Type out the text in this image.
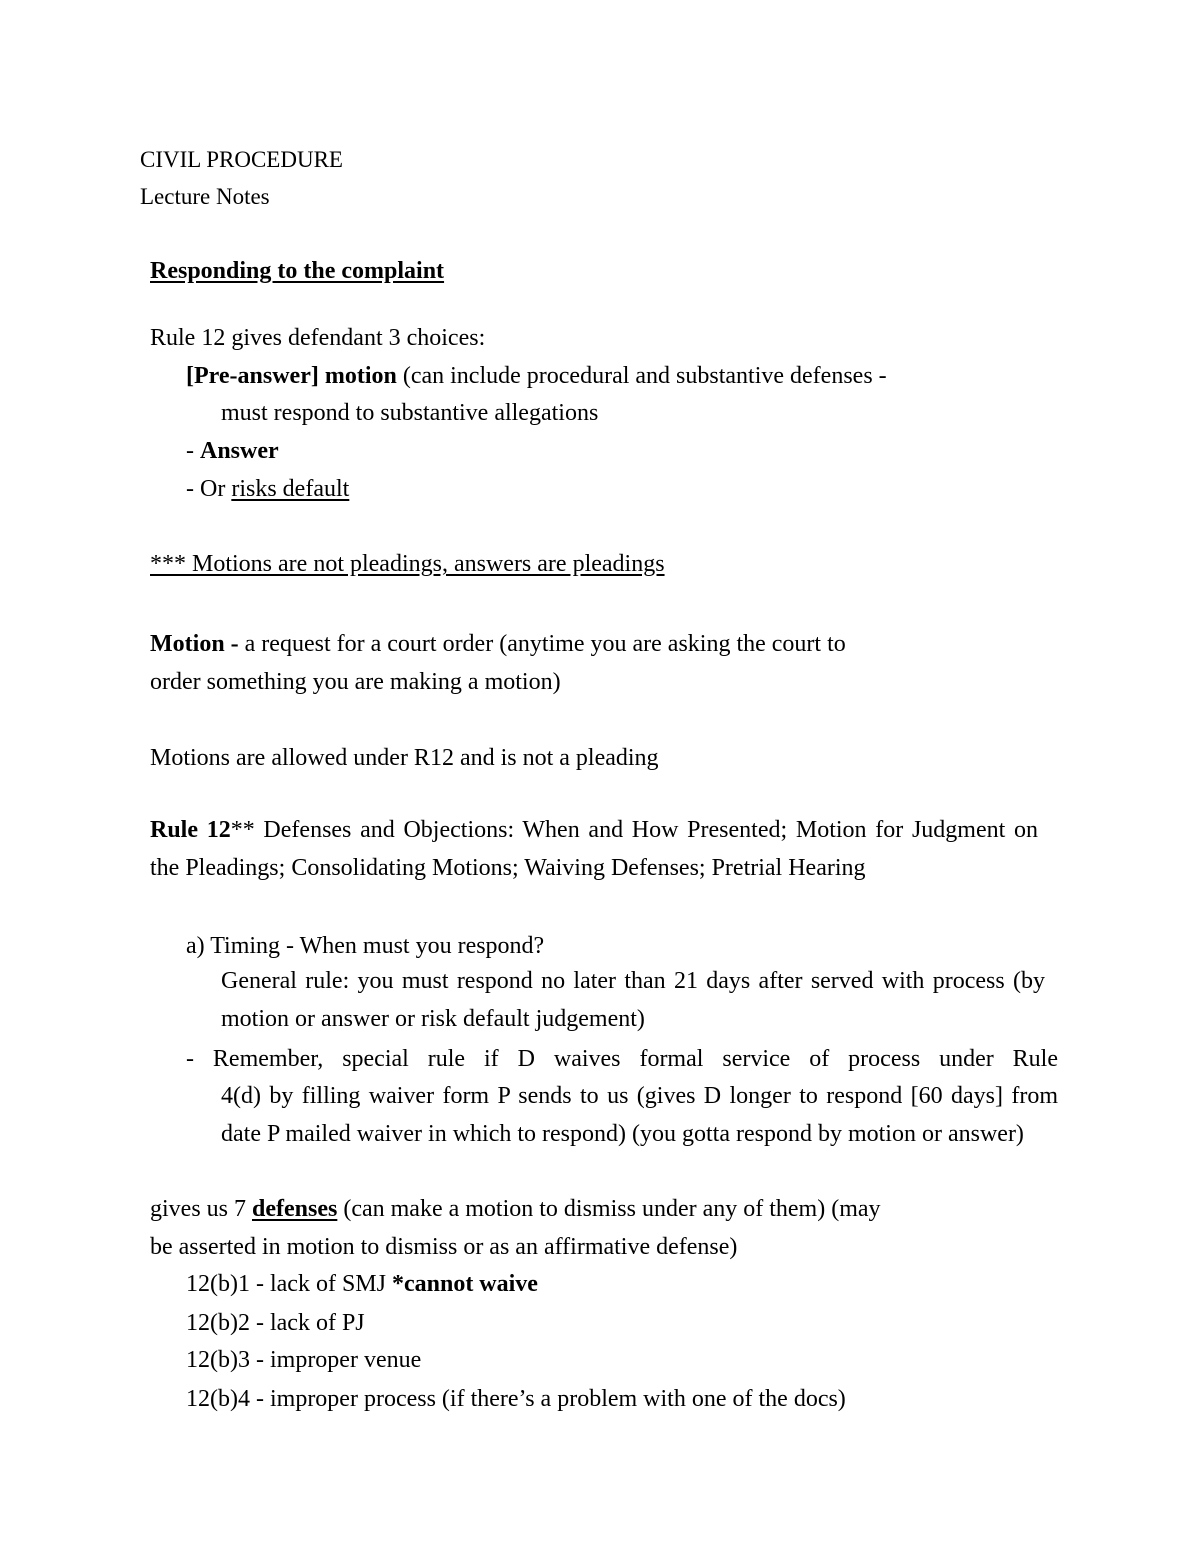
CIVIL PROCEDURE
Lecture Notes
Responding to the complaint
Rule 12 gives defendant 3 choices:
[Pre-answer] motion (can include procedural and substantive defenses -
must respond to substantive allegations
- Answer
- Or risks default
*** Motions are not pleadings, answers are pleadings
Motion - a request for a court order (anytime you are asking the court to
order something you are making a motion)
Motions are allowed under R12 and is not a pleading
Rule 12** Defenses and Objections: When and How Presented; Motion for Judgment on the Pleadings; Consolidating Motions; Waiving Defenses; Pretrial Hearing
a) Timing - When must you respond?
General rule: you must respond no later than 21 days after served with process (by motion or answer or risk default judgement)
- Remember, special rule if D waives formal service of process under Rule
4(d) by filling waiver form P sends to us (gives D longer to respond [60 days] from date P mailed waiver in which to respond) (you gotta respond by motion or answer)
gives us 7 defenses (can make a motion to dismiss under any of them) (may
be asserted in motion to dismiss or as an affirmative defense)
12(b)1 - lack of SMJ *cannot waive
12(b)2 - lack of PJ
12(b)3 - improper venue
12(b)4 - improper process (if there’s a problem with one of the docs)
